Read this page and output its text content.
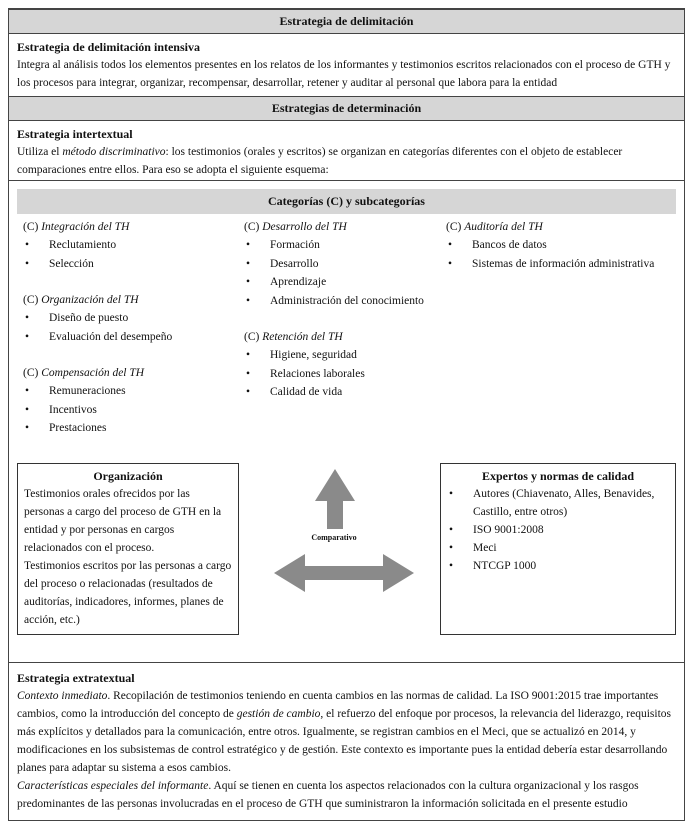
Estrategia de delimitación
Estrategia de delimitación intensiva

Integra al análisis todos los elementos presentes en los relatos de los informantes y testimonios escritos relacionados con el proceso de GTH y los procesos para integrar, organizar, recompensar, desarrollar, retener y auditar al personal que labora para la entidad

Estrategias de determinación
Estrategia intertextual

Utiliza el método discriminativo: los testimonios (orales y escritos) se organizan en categorías diferentes con el objeto de establecer comparaciones entre ellos. Para eso se adopta el siguiente esquema:

Categorías (C) y subcategorías
(C) Integración del TH
• Reclutamiento
• Selección
(C) Organización del TH
• Diseño de puesto
• Evaluación del desempeño
(C) Compensación del TH
• Remuneraciones
• Incentivos
• Prestaciones
(C) Desarrollo del TH
• Formación
• Desarrollo
• Aprendizaje
• Administración del conocimiento
(C) Retención del TH
• Higiene, seguridad
• Relaciones laborales
• Calidad de vida
(C) Auditoría del TH
• Bancos de datos
• Sistemas de información administrativa
Organización

Testimonios orales ofrecidos por las personas a cargo del proceso de GTH en la entidad y por personas en cargos relacionados con el proceso.

Testimonios escritos por las personas a cargo del proceso o relacionadas (resultados de auditorías, indicadores, informes, planes de acción, etc.)

Comparativo
Expertos y normas de calidad
• Autores (Chiavenato, Alles, Benavides, Castillo, entre otros)
• ISO 9001:2008
• Meci
• NTCGP 1000
Estrategia extratextual

Contexto inmediato. Recopilación de testimonios teniendo en cuenta cambios en las normas de calidad. La ISO 9001:2015 trae importantes cambios, como la introducción del concepto de gestión de cambio, el refuerzo del enfoque por procesos, la relevancia del liderazgo, requisitos más explícitos y detallados para la comunicación, entre otros. Igualmente, se registran cambios en el Meci, que se actualizó en 2014, y modificaciones en los subsistemas de control estratégico y de gestión. Este contexto es importante pues la entidad debería estar desarrollando planes para adaptar su sistema a esos cambios.

Características especiales del informante. Aquí se tienen en cuenta los aspectos relacionados con la cultura organizacional y los rasgos predominantes de las personas involucradas en el proceso de GTH que suministraron la información solicitada en el presente estudio
